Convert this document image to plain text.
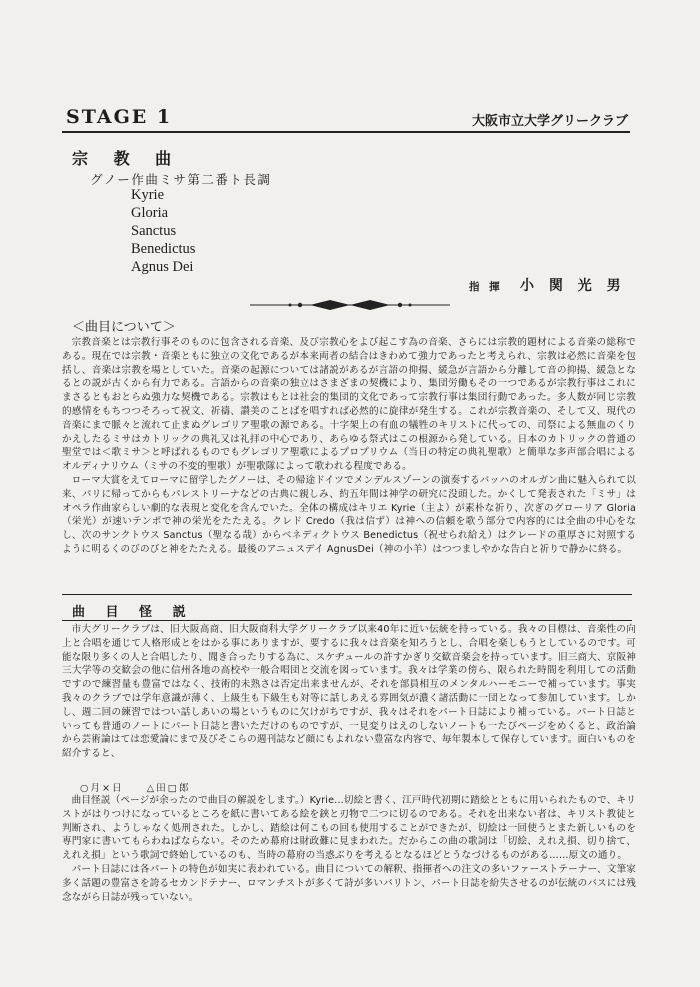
STAGE 1	大阪市立大学グリークラブ
宗 教 曲
グノー作曲ミサ第二番ト長調
Kyrie
Gloria
Sanctus
Benedictus
Agnus Dei
指 揮 小 関 光 男
＜曲目について＞

宗教音楽とは宗教行事そのものに包含される音楽、及び宗教心をよび起こす為の音楽、さらには宗教的題材による音楽の総称である。現在では宗教・音楽ともに独立の文化であるが本来両者の結合はきわめて強力であったと考えられ、宗教は必然に音楽を包括し、音楽は宗教を場としていた。音楽の起源については諸説があるが言語の抑揚、緩急が言語から分離して音の抑揚、緩急となるとの説が古くから有力である。言語からの音楽の独立はさまざまの契機により、集団労働もその一つであるが宗教行事はこれにまさるともおとらぬ強力な契機である。宗教はもとは社会的集団的文化であって宗教行事は集団行動であった。多人数が同じ宗教的感情をもちつつそろって祝文、祈禱、讃美のことばを唱すれば必然的に旋律が発生する。これが宗教音楽の、そして又、現代の音楽にまで脈々と流れて止まぬグレゴリア聖歌の源である。十字架上の有血の犠牲のキリストに代っての、司祭による無血のくりかえしたるミサはカトリックの典礼又は礼拝の中心であり、あらゆる祭式はこの根源から発している。日本のカトリックの普通の聖堂では＜歌ミサ＞と呼ばれるものでもグレゴリア聖歌によるプロプリウム（当日の特定の典礼聖歌）と簡単な多声部合唱によるオルディナリウム（ミサの不変的聖歌）が聖歌隊によって歌われる程度である。

ローマ大賞をえてローマに留学したグノーは、その帰途ドイツでメンデルスゾーンの演奏するバッハのオルガン曲に魅入られて以来、パリに帰ってからもパレストリーナなどの古典に親しみ、約五年間は神学の研究に没頭した。かくして発表された「ミサ」はオペラ作曲家らしい劇的な表現と変化を含んでいた。全体の構成はキリエ Kyrie（主よ）が素朴な祈り、次ぎのグローリア Gloria（栄光）が速いテンポで神の栄光をたたえる。クレド Credo（我は信ず）は神への信頼を歌う部分で内容的には全曲の中心をなし、次のサンクトウス Sanctus（聖なる哉）からベネディクトウス Benedictus（祝せられ給え）はクレードの重厚さに対照するように明るくのびのびと神をたたえる。最後のアニュスデイ AgnusDei（神の小羊）はつつましやかな告白と祈りで静かに終る。

曲 目 怪 説

市大グリークラブは、旧大阪高商、旧大阪商科大学グリークラブ以来40年に近い伝統を持っている。我々の目標は、音楽性の向上と合唱を通じて人格形成とをはかる事にありますが、要するに我々は音楽を知ろうとし、合唱を楽しもうとしているのです。可能な限り多くの人と合唱したり、聞き合ったりする為に、スケヂュールの許すかぎり交歓音楽会を持っています。旧三商大、京阪神三大学等の交歓会の他に信州各地の高校や一般合唱団と交流を図っています。我々は学業の傍ら、限られた時間を利用しての活動ですので練習量も豊富ではなく、技術的未熟さは否定出来ませんが、それを部員相互のメンタルハーモニーで補っています。事実我々のクラブでは学年意識が薄く、上級生も下級生も対等に話しあえる雰囲気が濃く諸活動に一団となって参加しています。しかし、週二回の練習ではつい話しあいの場というものに欠けがちですが、我々はそれをパート日誌により補っている。パート日誌といっても普通のノートにパート日誌と書いただけのものですが、一見変りはえのしないノートも一たびページをめくると、政治論から芸術論はては恋愛論にまで及びそこらの週刊誌など顔にもよれない豊富な内容で、毎年製本して保存しています。面白いものを紹介すると、

○月×日　　△田□郎

曲目怪説（ページが余ったので曲目の解説をします。）Kyrie…切絵と書く、江戸時代初期に踏絵とともに用いられたもので、キリストがはりつけになっているところを紙に書いてある絵を鋏と刃物で二つに切るのである。それを出来ない者は、キリスト教徒と判断され、ようしゃなく処刑された。しかし、踏絵は何こもの回も使用することができたが、切絵は一回使うとまた新しいものを専門家に書いてもらわねばならない。そのため幕府は財政難に見まわれた。だからこの曲の歌詞は「切絵、えれえ損、切り捨て、えれえ損」という歌詞で終始しているのも、当時の幕府の当惑ぶりを考えるとなるほどとうなづけるものがある……原文の通り。

パート日誌には各パートの特色が如実に表われている。曲目についての解釈、指揮者への注文の多いファーストテーナー、文筆家多く話題の豊富さを誇るセカンドテナー、ロマンチストが多くて詩が多いバリトン、パート日誌を紛失させるのが伝統のバスには残念ながら日誌が残っていない。
